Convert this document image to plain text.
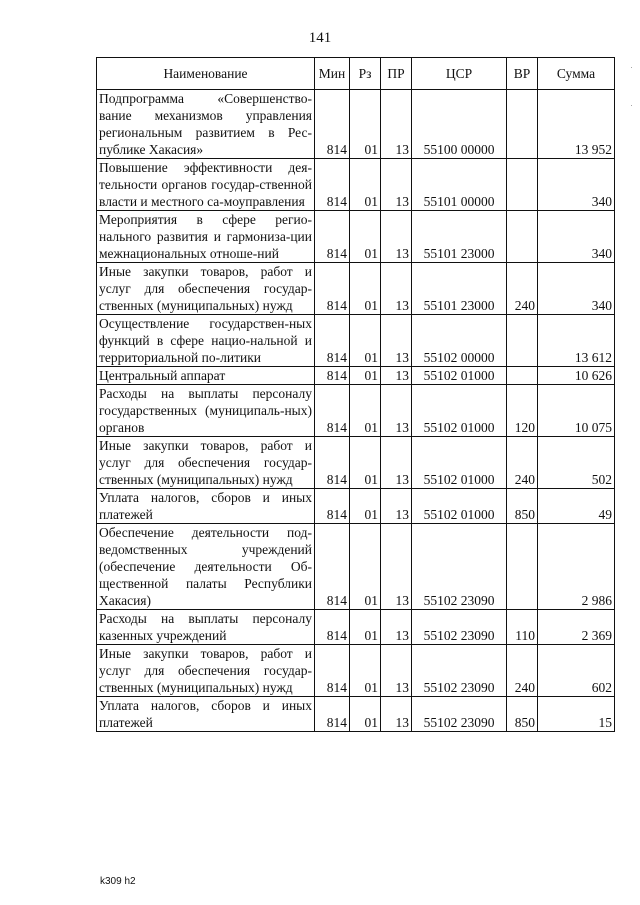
141
Наименование	Мин	Рз	ПР	ЦСР	ВР	Сумма
Подпрограмма «Совершенство-вание механизмов управления региональным развитием в Рес-публике Хакасия»	814	01	13	55100 00000		13 952
Повышение эффективности дея-тельности органов государ-ственной власти и местного са-моуправления	814	01	13	55101 00000		340
Мероприятия в сфере регио-нального развития и гармониза-ции межнациональных отноше-ний	814	01	13	55101 23000		340
Иные закупки товаров, работ и услуг для обеспечения государ-ственных (муниципальных) нужд	814	01	13	55101 23000	240	340
Осуществление государствен-ных функций в сфере нацио-нальной и территориальной по-литики	814	01	13	55102 00000		13 612
Центральный аппарат	814	01	13	55102 01000		10 626
Расходы на выплаты персоналу государственных (муниципаль-ных) органов	814	01	13	55102 01000	120	10 075
Иные закупки товаров, работ и услуг для обеспечения государ-ственных (муниципальных) нужд	814	01	13	55102 01000	240	502
Уплата налогов, сборов и иных платежей	814	01	13	55102 01000	850	49
Обеспечение деятельности под-ведомственных учреждений (обеспечение деятельности Об-щественной палаты Республики Хакасия)	814	01	13	55102 23090		2 986
Расходы на выплаты персоналу казенных учреждений	814	01	13	55102 23090	110	2 369
Иные закупки товаров, работ и услуг для обеспечения государ-ственных (муниципальных) нужд	814	01	13	55102 23090	240	602
Уплата налогов, сборов и иных платежей	814	01	13	55102 23090	850	15
·
·
k309 h2
